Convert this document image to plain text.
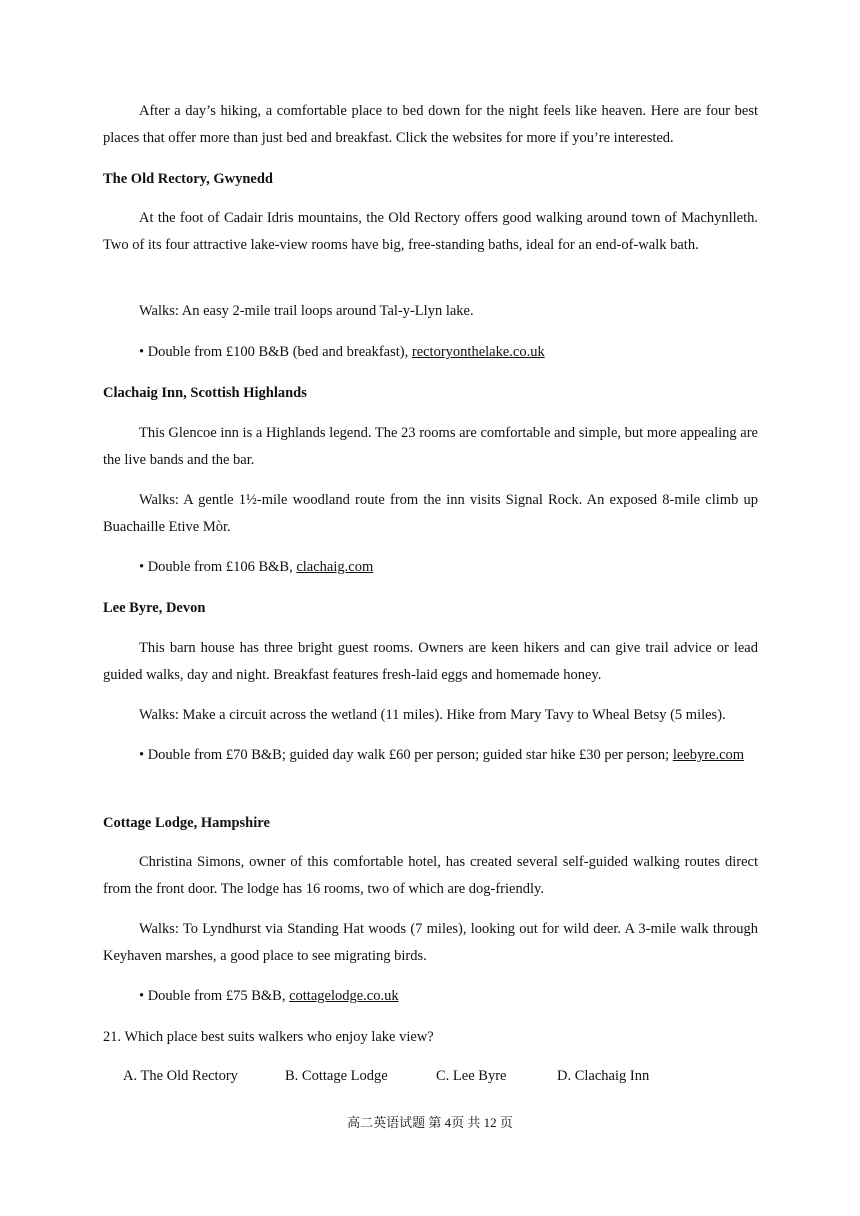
After a day’s hiking, a comfortable place to bed down for the night feels like heaven. Here are four best places that offer more than just bed and breakfast. Click the websites for more if you’re interested.

The Old Rectory, Gwynedd

At the foot of Cadair Idris mountains, the Old Rectory offers good walking around town of Machynlleth. Two of its four attractive lake-view rooms have big, free-standing baths, ideal for an end-of-walk bath.

Walks: An easy 2-mile trail loops around Tal-y-Llyn lake.

• Double from £100 B&B (bed and breakfast), rectoryonthelake.co.uk

Clachaig Inn, Scottish Highlands

This Glencoe inn is a Highlands legend. The 23 rooms are comfortable and simple, but more appealing are the live bands and the bar.

Walks: A gentle 1½-mile woodland route from the inn visits Signal Rock. An exposed 8-mile climb up Buachaille Etive Mòr.

• Double from £106 B&B, clachaig.com

Lee Byre, Devon

This barn house has three bright guest rooms. Owners are keen hikers and can give trail advice or lead guided walks, day and night. Breakfast features fresh-laid eggs and homemade honey.

Walks: Make a circuit across the wetland (11 miles). Hike from Mary Tavy to Wheal Betsy (5 miles).

• Double from £70 B&B; guided day walk £60 per person; guided star hike £30 per person; leebyre.com

Cottage Lodge, Hampshire

Christina Simons, owner of this comfortable hotel, has created several self-guided walking routes direct from the front door. The lodge has 16 rooms, two of which are dog-friendly.

Walks: To Lyndhurst via Standing Hat woods (7 miles), looking out for wild deer. A 3-mile walk through Keyhaven marshes, a good place to see migrating birds.

• Double from £75 B&B, cottagelodge.co.uk

21. Which place best suits walkers who enjoy lake view?

A. The Old Rectory	B. Cottage Lodge	C. Lee Byre	D. Clachaig Inn
高二英语试题 第 4页 共 12 页
